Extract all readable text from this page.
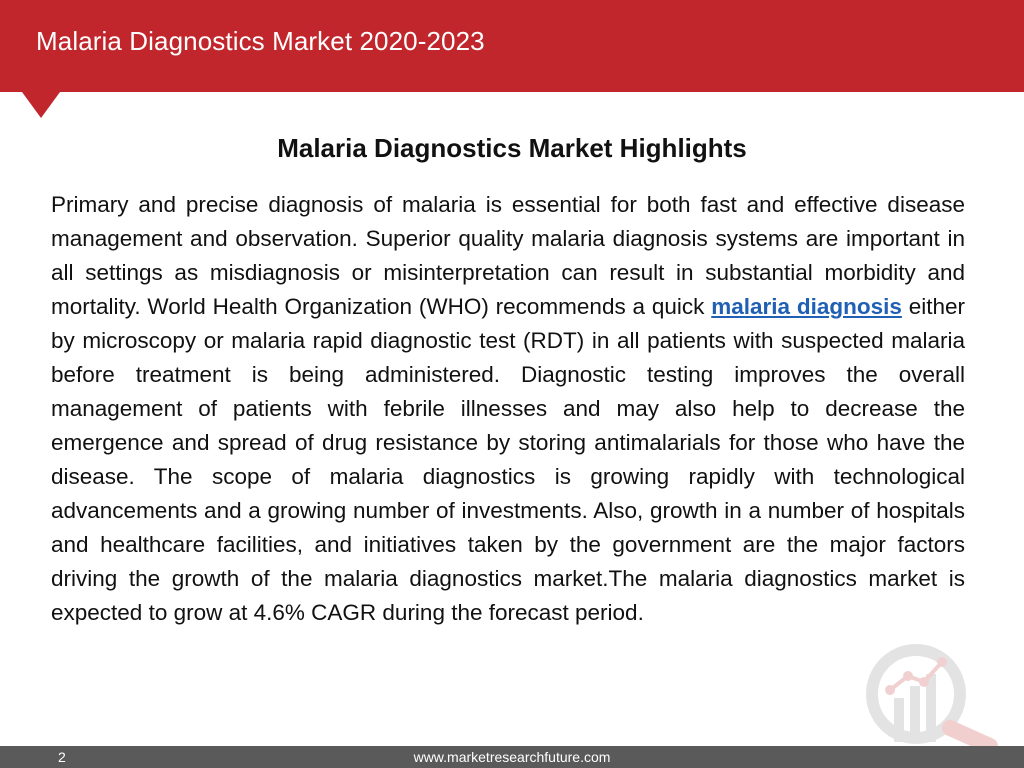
Malaria Diagnostics Market 2020-2023
Malaria Diagnostics Market Highlights

Primary and precise diagnosis of malaria is essential for both fast and effective disease management and observation. Superior quality malaria diagnosis systems are important in all settings as misdiagnosis or misinterpretation can result in substantial morbidity and mortality. World Health Organization (WHO) recommends a quick malaria diagnosis either by microscopy or malaria rapid diagnostic test (RDT) in all patients with suspected malaria before treatment is being administered. Diagnostic testing improves the overall management of patients with febrile illnesses and may also help to decrease the emergence and spread of drug resistance by storing antimalarials for those who have the disease. The scope of malaria diagnostics is growing rapidly with technological advancements and a growing number of investments. Also, growth in a number of hospitals and healthcare facilities, and initiatives taken by the government are the major factors driving the growth of the malaria diagnostics market.The malaria diagnostics market is expected to grow at 4.6% CAGR during the forecast period.

2	www.marketresearchfuture.com
